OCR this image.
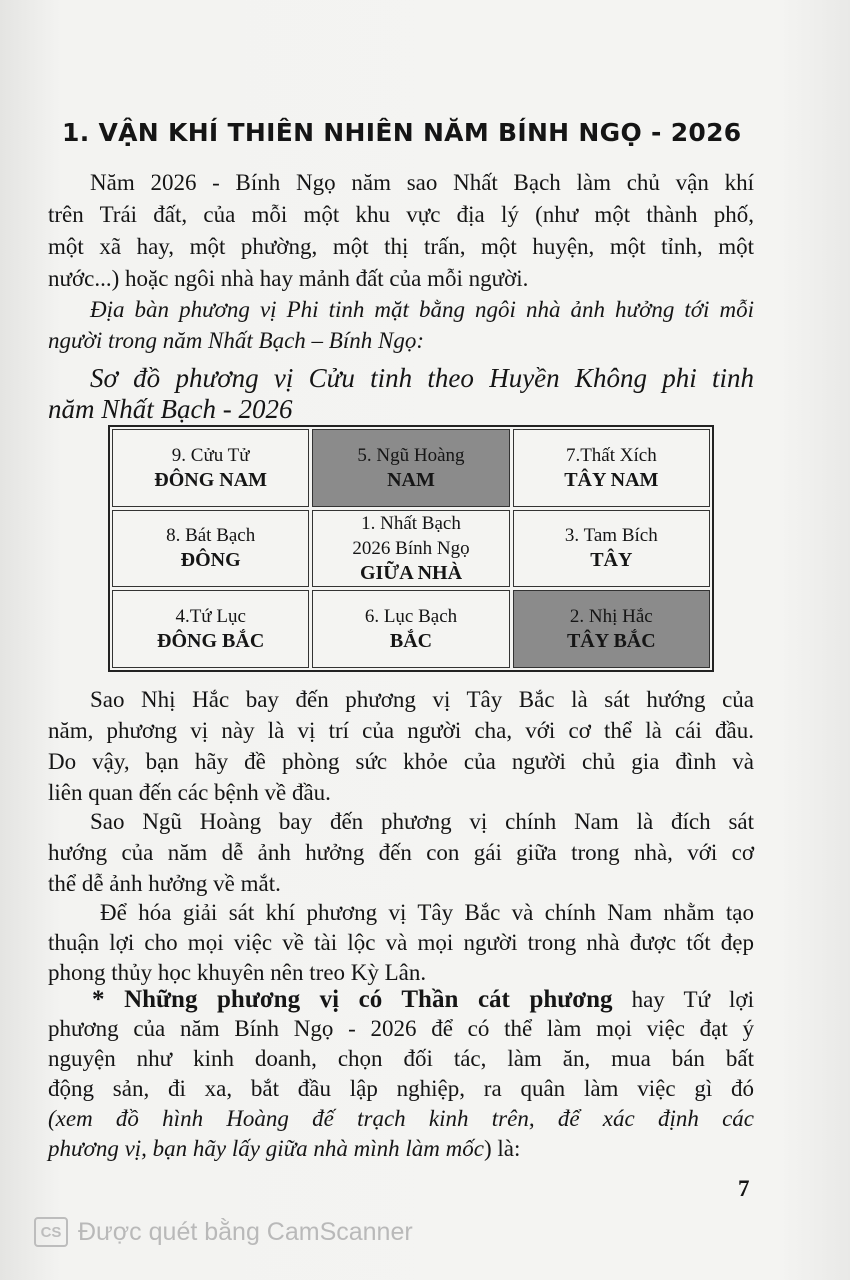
1. VẬN KHÍ THIÊN NHIÊN NĂM BÍNH NGỌ - 2026
Năm 2026 - Bính Ngọ năm sao Nhất Bạch làm chủ vận khí
trên Trái đất, của mỗi một khu vực địa lý (như một thành phố,
một xã hay, một phường, một thị trấn, một huyện, một tỉnh, một
nước...) hoặc ngôi nhà hay mảnh đất của mỗi người.
Địa bàn phương vị Phi tinh mặt bằng ngôi nhà ảnh hưởng tới mỗi
người trong năm Nhất Bạch – Bính Ngọ:
Sơ đồ phương vị Cửu tinh theo Huyền Không phi tinh
năm Nhất Bạch - 2026
9. Cửu Tử
ĐÔNG NAM
5. Ngũ Hoàng
NAM
7.Thất Xích
TÂY NAM
8. Bát Bạch
ĐÔNG
1. Nhất Bạch
2026 Bính Ngọ
GIỮA NHÀ
3. Tam Bích
TÂY
4.Tứ Lục
ĐÔNG BẮC
6. Lục Bạch
BẮC
2. Nhị Hắc
TÂY BẮC
Sao Nhị Hắc bay đến phương vị Tây Bắc là sát hướng của
năm, phương vị này là vị trí của người cha, với cơ thể là cái đầu.
Do vậy, bạn hãy đề phòng sức khỏe của người chủ gia đình và
liên quan đến các bệnh về đầu.
Sao Ngũ Hoàng bay đến phương vị chính Nam là đích sát
hướng của năm dễ ảnh hưởng đến con gái giữa trong nhà, với cơ
thể dễ ảnh hưởng về mắt.
Để hóa giải sát khí phương vị Tây Bắc và chính Nam nhằm tạo
thuận lợi cho mọi việc về tài lộc và mọi người trong nhà được tốt đẹp
phong thủy học khuyên nên treo Kỳ Lân.
* Những phương vị có Thần cát phương hay Tứ lợi
phương của năm Bính Ngọ - 2026 để có thể làm mọi việc đạt ý
nguyện như kinh doanh, chọn đối tác, làm ăn, mua bán bất
động sản, đi xa, bắt đầu lập nghiệp, ra quân làm việc gì đó
(xem đồ hình Hoàng đế trạch kinh trên, để xác định các
phương vị, bạn hãy lấy giữa nhà mình làm mốc) là:
7
CS Được quét bằng CamScanner
